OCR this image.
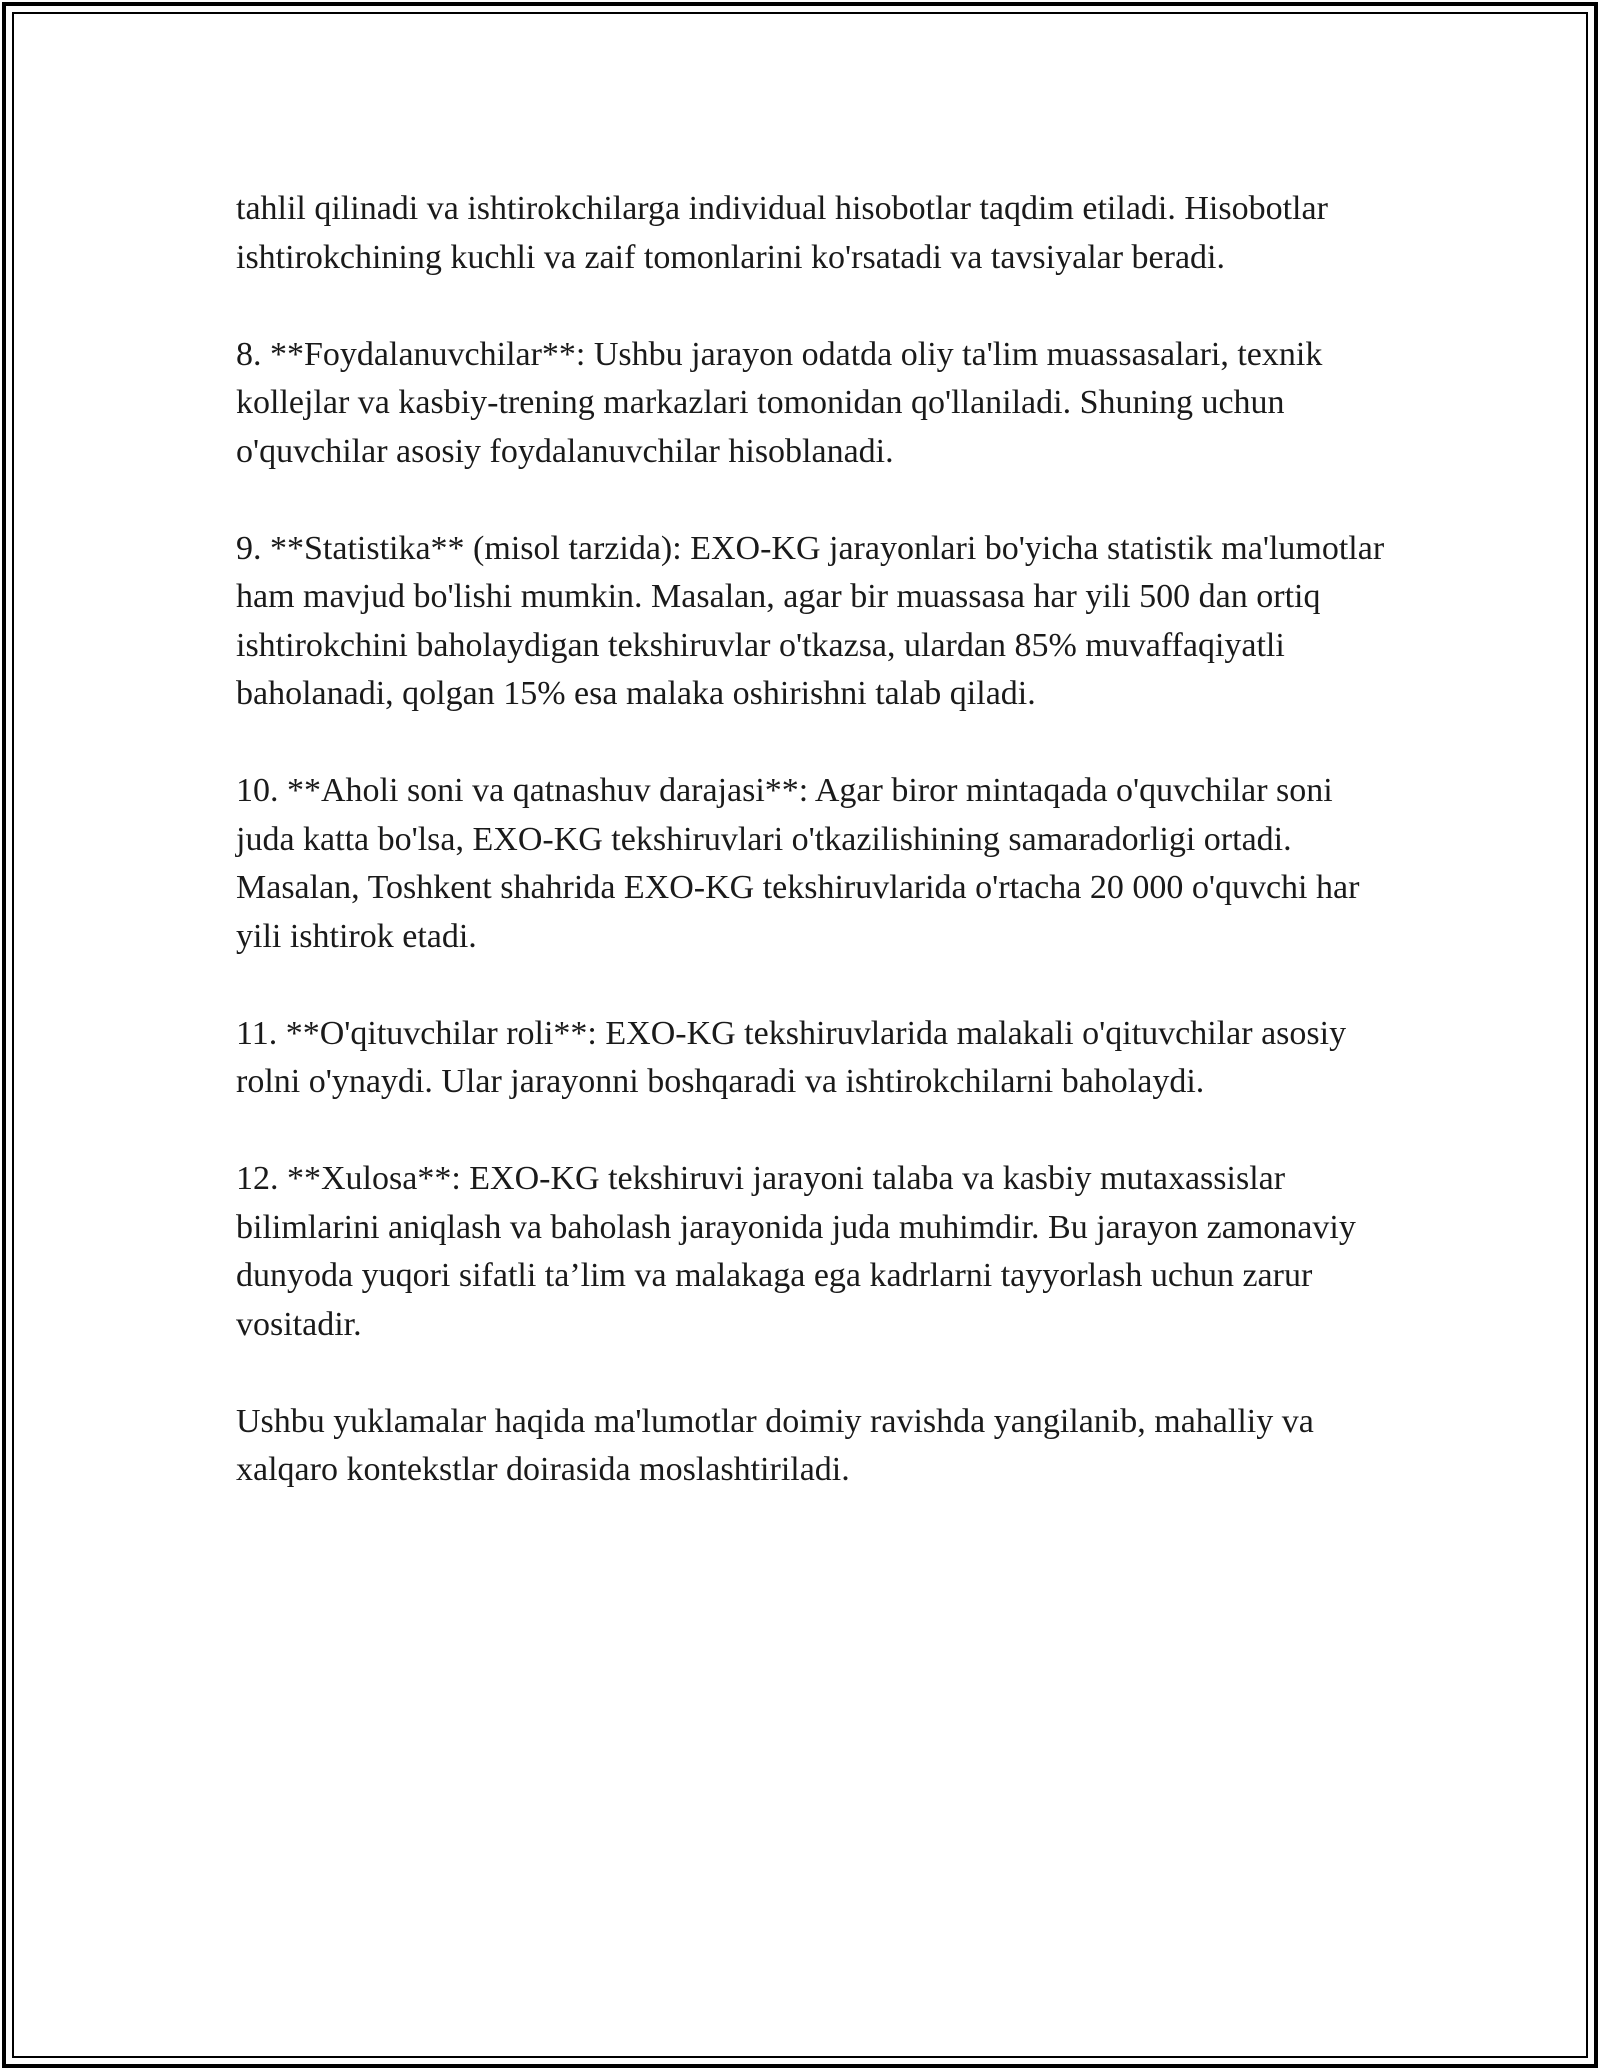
tahlil qilinadi va ishtirokchilarga individual hisobotlar taqdim etiladi. Hisobotlar ishtirokchining kuchli va zaif tomonlarini ko'rsatadi va tavsiyalar beradi.

8. **Foydalanuvchilar**: Ushbu jarayon odatda oliy ta'lim muassasalari, texnik kollejlar va kasbiy-trening markazlari tomonidan qo'llaniladi. Shuning uchun o'quvchilar asosiy foydalanuvchilar hisoblanadi.

9. **Statistika** (misol tarzida): EXO-KG jarayonlari bo'yicha statistik ma'lumotlar ham mavjud bo'lishi mumkin. Masalan, agar bir muassasa har yili 500 dan ortiq ishtirokchini baholaydigan tekshiruvlar o'tkazsa, ulardan 85% muvaffaqiyatli baholanadi, qolgan 15% esa malaka oshirishni talab qiladi.

10. **Aholi soni va qatnashuv darajasi**: Agar biror mintaqada o'quvchilar soni juda katta bo'lsa, EXO-KG tekshiruvlari o'tkazilishining samaradorligi ortadi. Masalan, Toshkent shahrida EXO-KG tekshiruvlarida o'rtacha 20 000 o'quvchi har yili ishtirok etadi.

11. **O'qituvchilar roli**: EXO-KG tekshiruvlarida malakali o'qituvchilar asosiy rolni o'ynaydi. Ular jarayonni boshqaradi va ishtirokchilarni baholaydi.

12. **Xulosa**: EXO-KG tekshiruvi jarayoni talaba va kasbiy mutaxassislar bilimlarini aniqlash va baholash jarayonida juda muhimdir. Bu jarayon zamonaviy dunyoda yuqori sifatli ta’lim va malakaga ega kadrlarni tayyorlash uchun zarur vositadir.

Ushbu yuklamalar haqida ma'lumotlar doimiy ravishda yangilanib, mahalliy va xalqaro kontekstlar doirasida moslashtiriladi.
